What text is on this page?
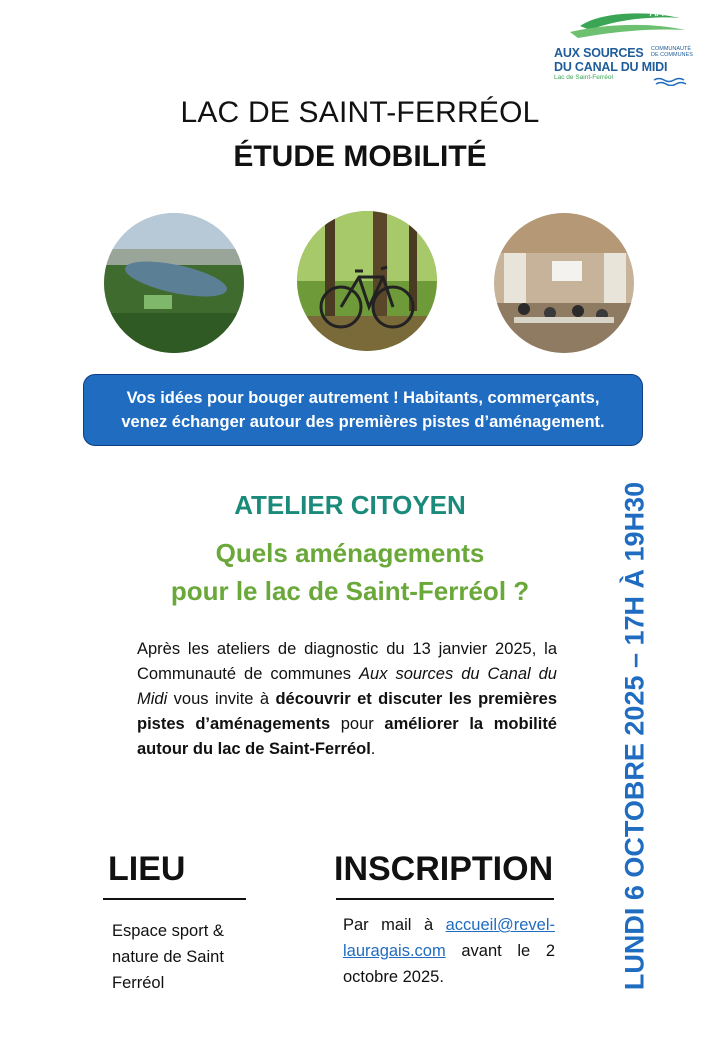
AUX SOURCES
DU CANAL DU MIDI
COMMUNAUTÉ DE COMMUNES
Lac de Saint-Ferréol
LAC DE SAINT-FERRÉOL
ÉTUDE MOBILITÉ
Vos idées pour bouger autrement ! Habitants, commerçants,
venez échanger autour des premières pistes d’aménagement.
ATELIER CITOYEN
Quels aménagements
pour le lac de Saint-Ferréol ?
Après les ateliers de diagnostic du 13 janvier 2025, la Communauté de communes Aux sources du Canal du Midi vous invite à découvrir et discuter les premières pistes d’aménagements pour améliorer la mobilité autour du lac de Saint-Ferréol.
LIEU
Espace sport & nature de Saint Ferréol
INSCRIPTION
Par mail à accueil@revel-lauragais.com avant le 2 octobre 2025.	LUNDI 6 OCTOBRE 2025 – 17H À 19H30
